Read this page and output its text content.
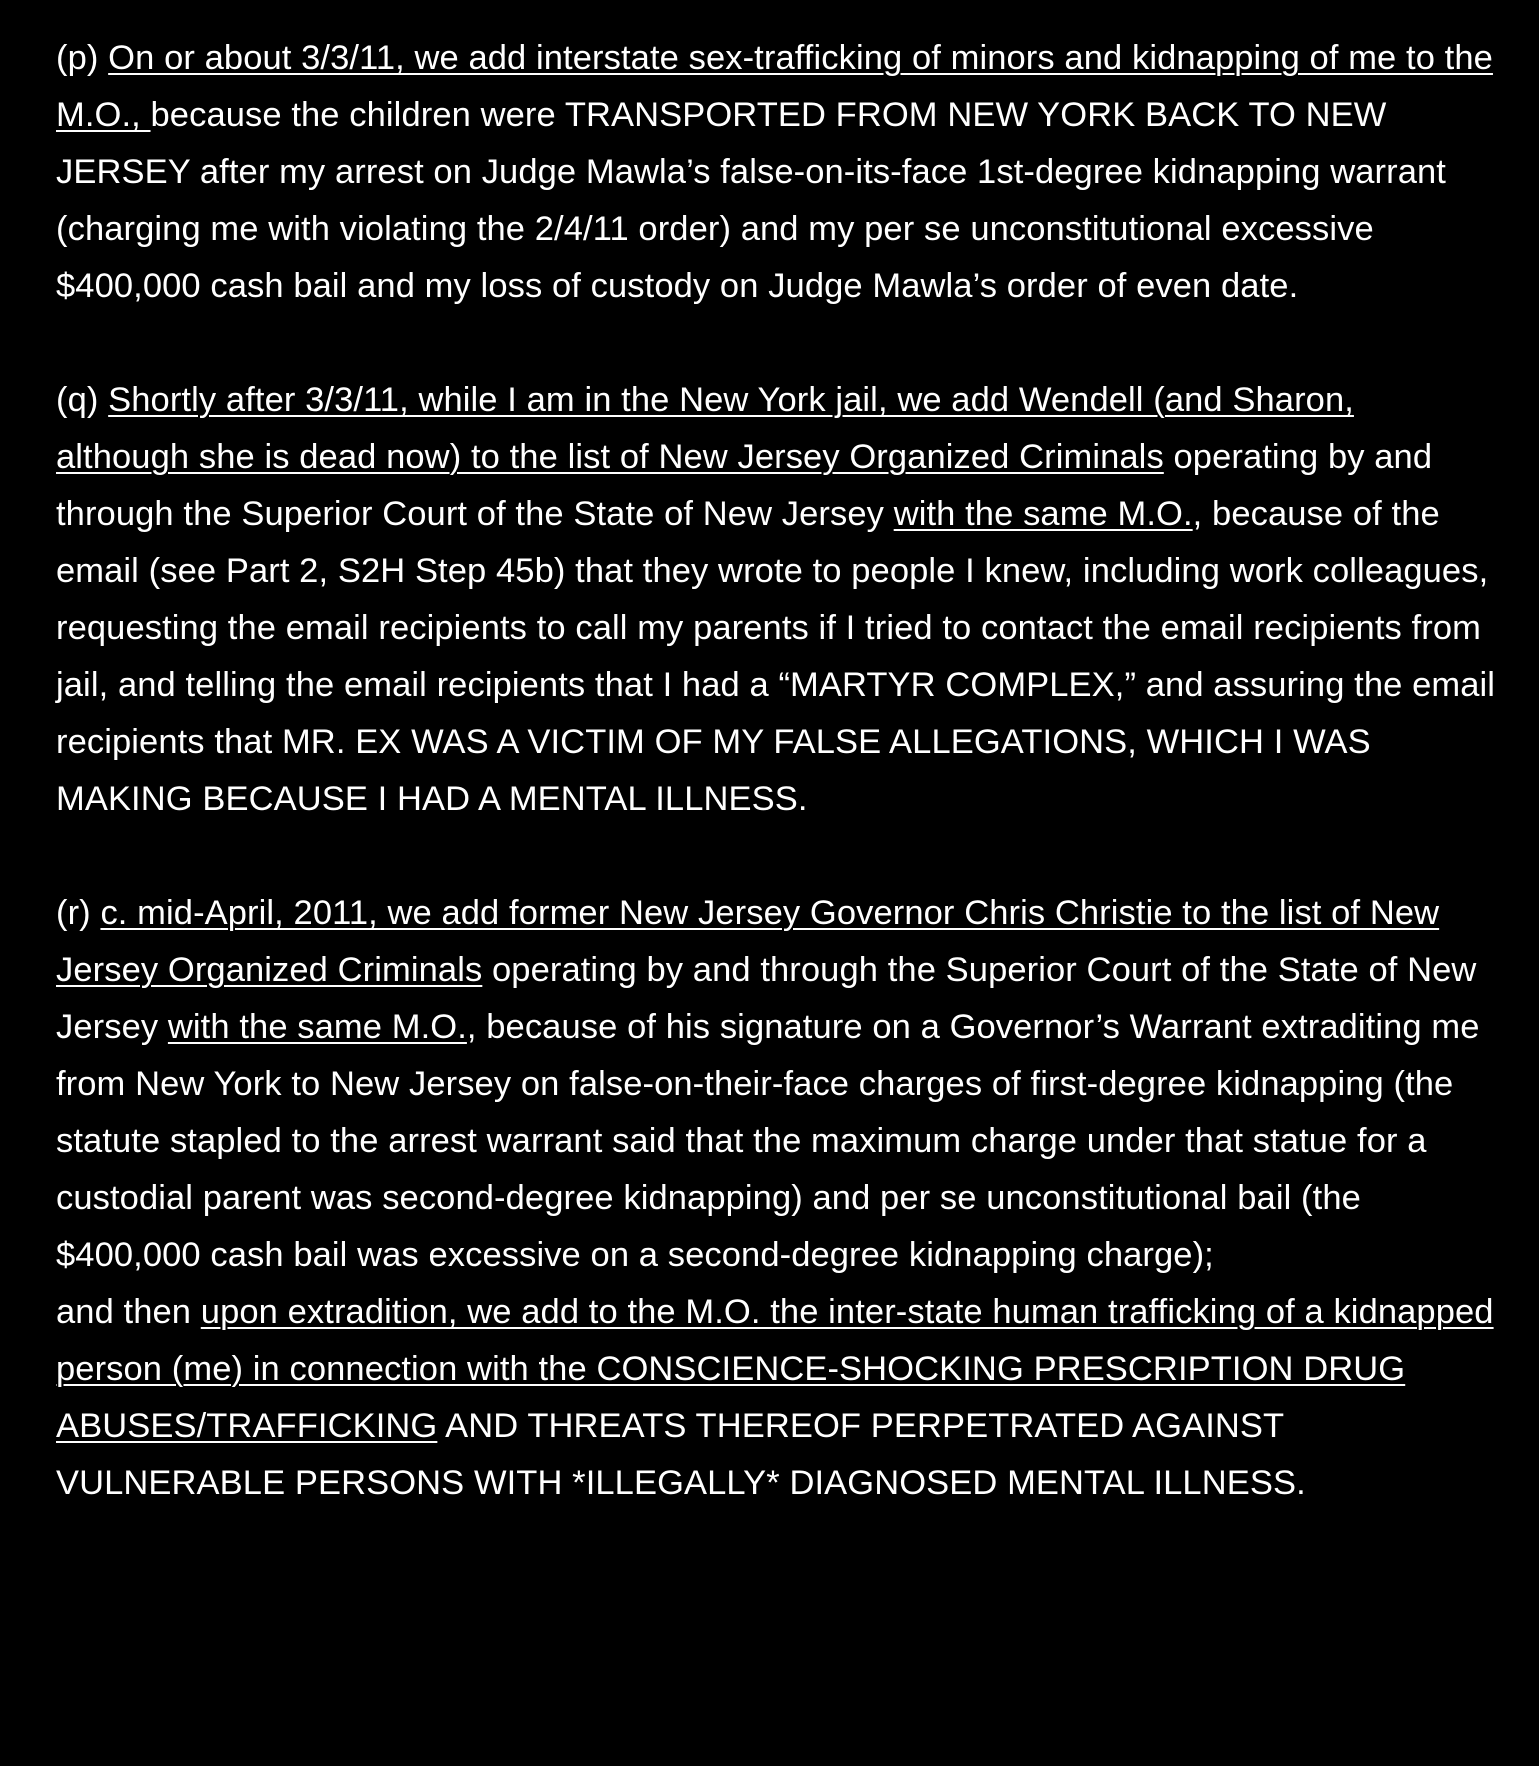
(p) On or about 3/3/11, we add interstate sex-trafficking of minors and kidnapping of me to the M.O., because the children were TRANSPORTED FROM NEW YORK BACK TO NEW JERSEY after my arrest on Judge Mawla’s false-on-its-face 1st-degree kidnapping warrant (charging me with violating the 2/4/11 order) and my per se unconstitutional excessive $400,000 cash bail and my loss of custody on Judge Mawla’s order of even date.

(q) Shortly after 3/3/11, while I am in the New York jail, we add Wendell (and Sharon, although she is dead now) to the list of New Jersey Organized Criminals operating by and through the Superior Court of the State of New Jersey with the same M.O., because of the email (see Part 2, S2H Step 45b) that they wrote to people I knew, including work colleagues, requesting the email recipients to call my parents if I tried to contact the email recipients from jail, and telling the email recipients that I had a “MARTYR COMPLEX,” and assuring the email recipients that MR. EX WAS A VICTIM OF MY FALSE ALLEGATIONS, WHICH I WAS MAKING BECAUSE I HAD A MENTAL ILLNESS.

(r) c. mid-April, 2011, we add former New Jersey Governor Chris Christie to the list of New Jersey Organized Criminals operating by and through the Superior Court of the State of New Jersey with the same M.O., because of his signature on a Governor’s Warrant extraditing me from New York to New Jersey on false-on-their-face charges of first-degree kidnapping (the statute stapled to the arrest warrant said that the maximum charge under that statue for a custodial parent was second-degree kidnapping) and per se unconstitutional bail (the $400,000 cash bail was excessive on a second-degree kidnapping charge);
and then upon extradition, we add to the M.O. the inter-state human trafficking of a kidnapped person (me) in connection with the CONSCIENCE-SHOCKING PRESCRIPTION DRUG ABUSES/TRAFFICKING AND THREATS THEREOF PERPETRATED AGAINST VULNERABLE PERSONS WITH *ILLEGALLY* DIAGNOSED MENTAL ILLNESS.
